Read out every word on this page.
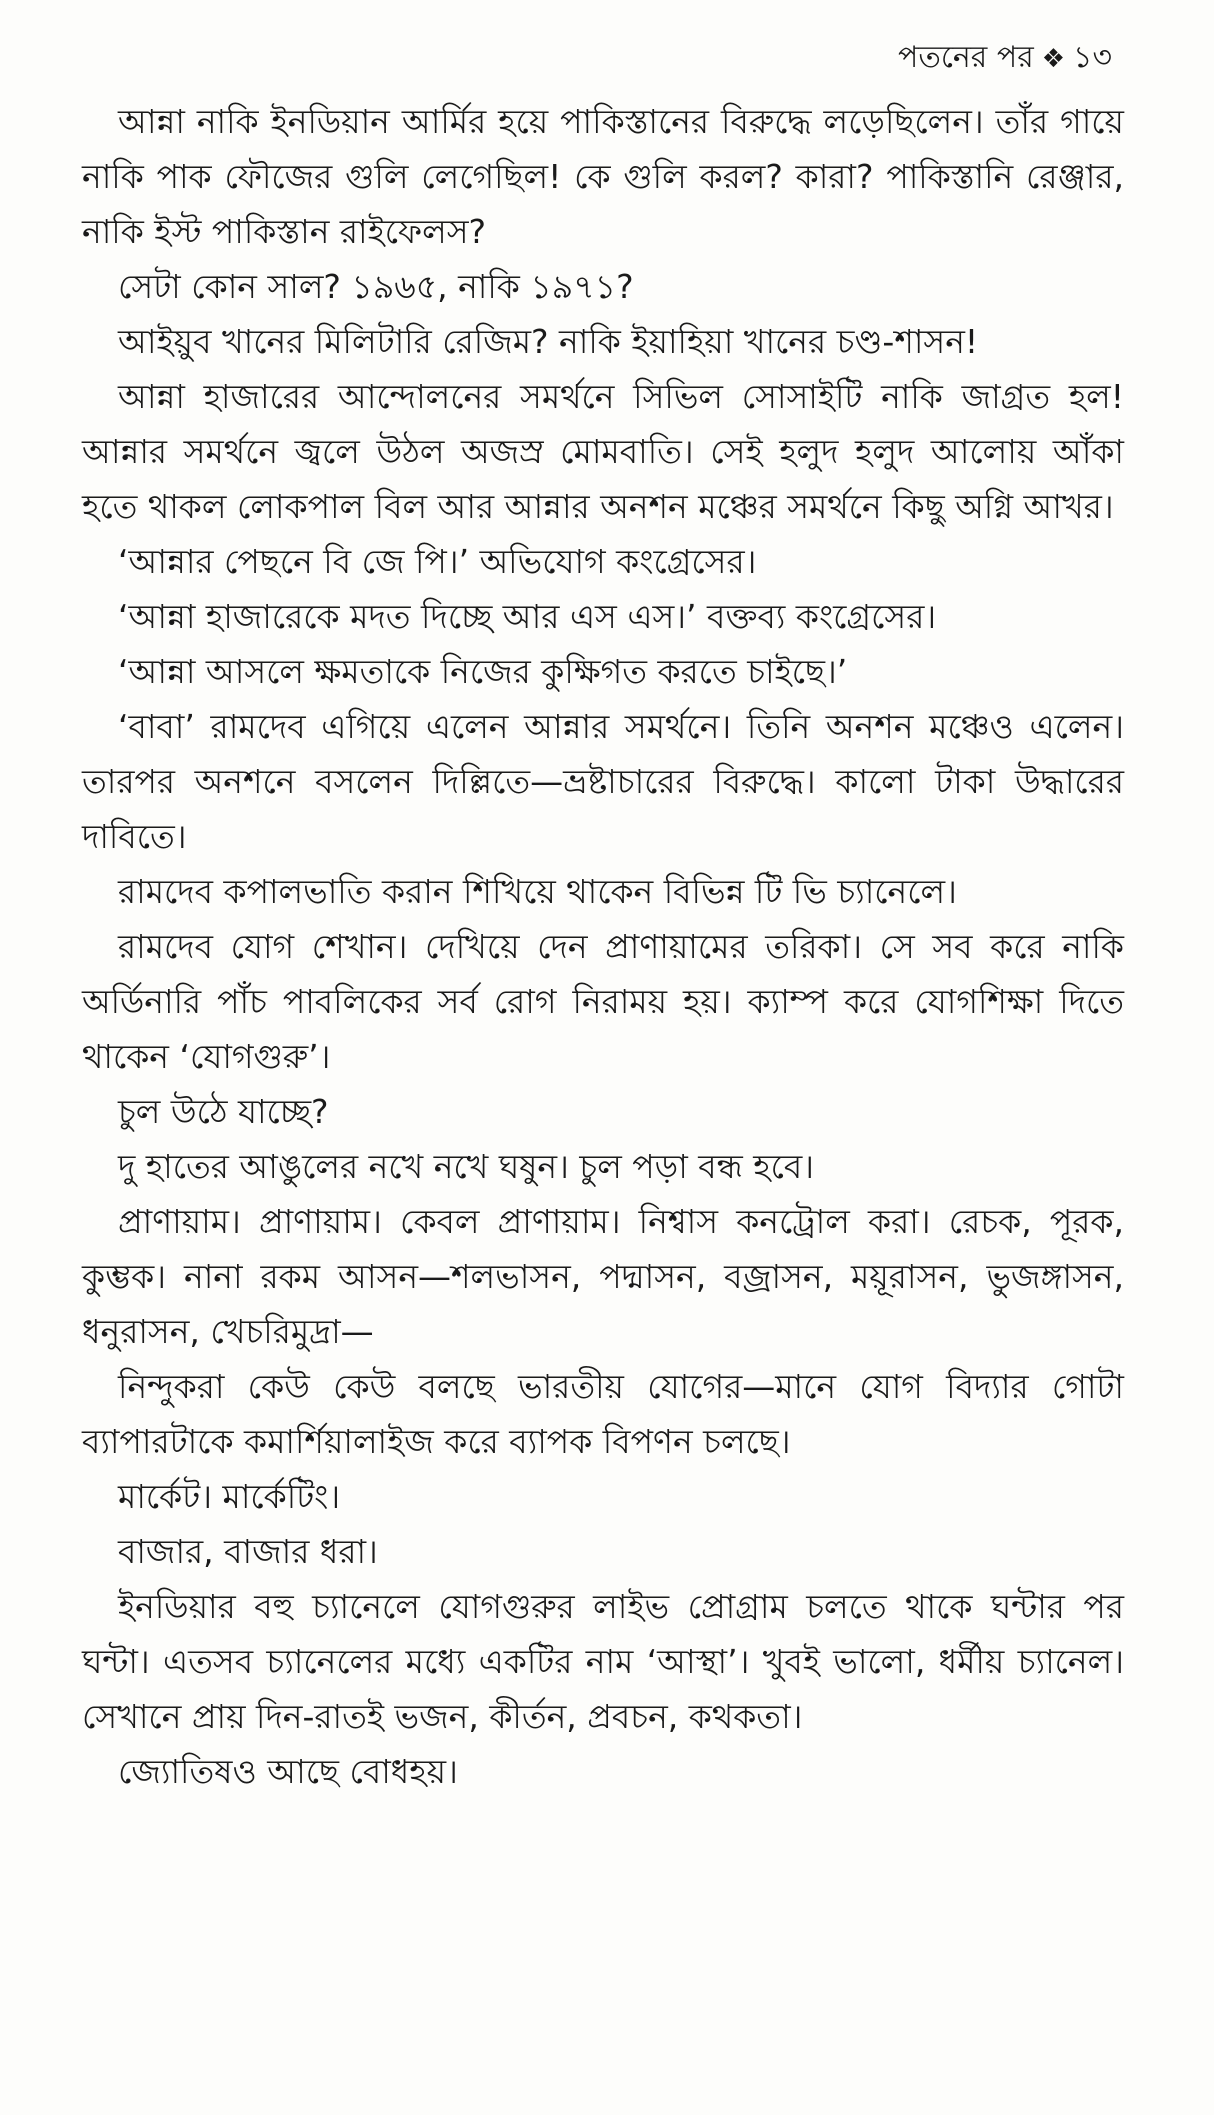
পতনের পর ❖ ১৩

আন্না নাকি ইনডিয়ান আর্মির হয়ে পাকিস্তানের বিরুদ্ধে লড়েছিলেন। তাঁর গায়ে নাকি পাক ফৌজের গুলি লেগেছিল! কে গুলি করল? কারা? পাকিস্তানি রেঞ্জার, নাকি ইস্ট পাকিস্তান রাইফেলস?

সেটা কোন সাল? ১৯৬৫, নাকি ১৯৭১?

আইয়ুব খানের মিলিটারি রেজিম? নাকি ইয়াহিয়া খানের চণ্ড-শাসন!

আন্না হাজারের আন্দোলনের সমর্থনে সিভিল সোসাইটি নাকি জাগ্রত হল! আন্নার সমর্থনে জ্বলে উঠল অজস্র মোমবাতি। সেই হলুদ হলুদ আলোয় আঁকা হতে থাকল লোকপাল বিল আর আন্নার অনশন মঞ্চের সমর্থনে কিছু অগ্নি আখর।

‘আন্নার পেছনে বি জে পি।’ অভিযোগ কংগ্রেসের।

‘আন্না হাজারেকে মদত দিচ্ছে আর এস এস।’ বক্তব্য কংগ্রেসের।

‘আন্না আসলে ক্ষমতাকে নিজের কুক্ষিগত করতে চাইছে।’

‘বাবা’ রামদেব এগিয়ে এলেন আন্নার সমর্থনে। তিনি অনশন মঞ্চেও এলেন। তারপর অনশনে বসলেন দিল্লিতে—ভ্রষ্টাচারের বিরুদ্ধে। কালো টাকা উদ্ধারের দাবিতে।

রামদেব কপালভাতি করান শিখিয়ে থাকেন বিভিন্ন টি ভি চ্যানেলে।

রামদেব যোগ শেখান। দেখিয়ে দেন প্রাণায়ামের তরিকা। সে সব করে নাকি অর্ডিনারি পাঁচ পাবলিকের সর্ব রোগ নিরাময় হয়। ক্যাম্প করে যোগশিক্ষা দিতে থাকেন ‘যোগগুরু’।

চুল উঠে যাচ্ছে?

দু হাতের আঙুলের নখে নখে ঘষুন। চুল পড়া বন্ধ হবে।

প্রাণায়াম। প্রাণায়াম। কেবল প্রাণায়াম। নিশ্বাস কনট্রোল করা। রেচক, পূরক, কুম্ভক। নানা রকম আসন—শলভাসন, পদ্মাসন, বজ্রাসন, ময়ূরাসন, ভুজঙ্গাসন, ধনুরাসন, খেচরিমুদ্রা—

নিন্দুকরা কেউ কেউ বলছে ভারতীয় যোগের—মানে যোগ বিদ্যার গোটা ব্যাপারটাকে কমার্শিয়ালাইজ করে ব্যাপক বিপণন চলছে।

মার্কেট। মার্কেটিং।

বাজার, বাজার ধরা।

ইনডিয়ার বহু চ্যানেলে যোগগুরুর লাইভ প্রোগ্রাম চলতে থাকে ঘন্টার পর ঘন্টা। এতসব চ্যানেলের মধ্যে একটির নাম ‘আস্থা’। খুবই ভালো, ধর্মীয় চ্যানেল। সেখানে প্রায় দিন-রাতই ভজন, কীর্তন, প্রবচন, কথকতা।

জ্যোতিষও আছে বোধহয়।
